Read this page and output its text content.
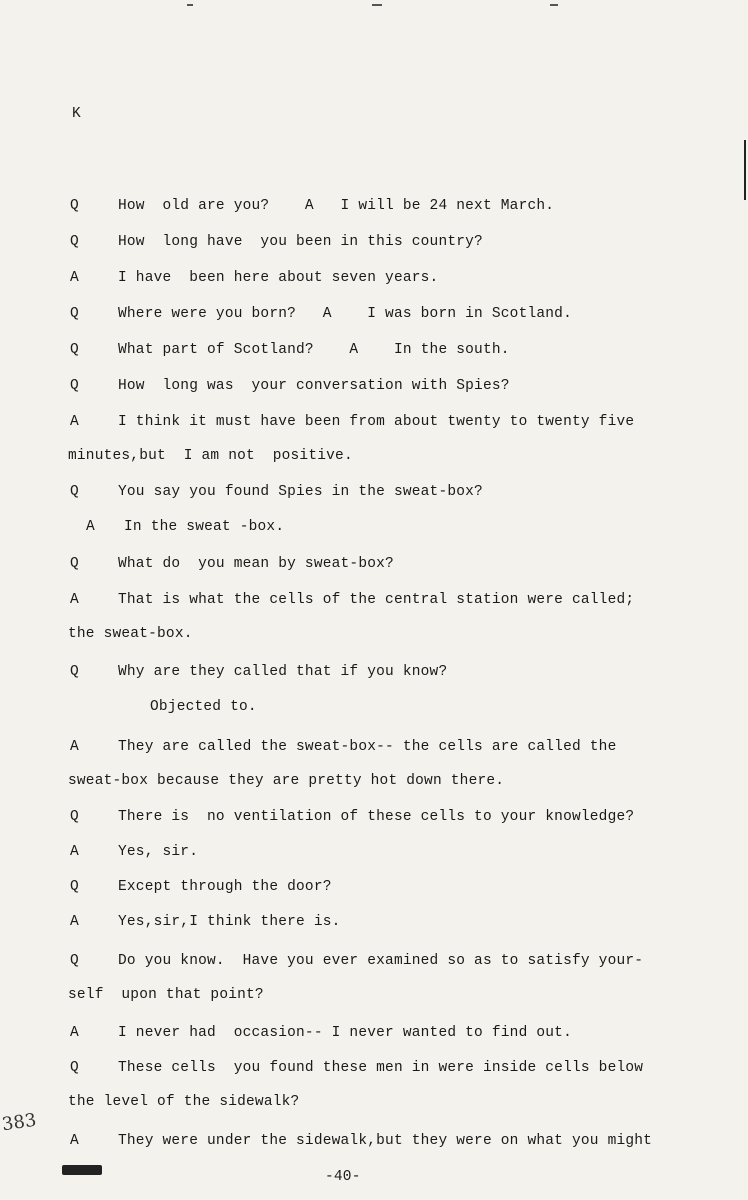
K
Q	How  old are you?    A   I will be 24 next March.
Q	How  long have  you been in this country?
A	I have  been here about seven years.
Q	Where were you born?   A    I was born in Scotland.
Q	What part of Scotland?    A    In the south.
Q	How  long was  your conversation with Spies?
A	I think it must have been from about twenty to twenty five
minutes,but  I am not  positive.
Q	You say you found Spies in the sweat-box?
A In the sweat -box.
Q	What do  you mean by sweat-box?
A	That is what the cells of the central station were called;
the sweat-box.
Q	Why are they called that if you know?
Objected to.
A	They are called the sweat-box-- the cells are called the
sweat-box because they are pretty hot down there.
Q	There is  no ventilation of these cells to your knowledge?
A	Yes, sir.
Q	Except through the door?
A	Yes,sir,I think there is.
Q	Do you know.  Have you ever examined so as to satisfy your-
self  upon that point?
A	I never had  occasion-- I never wanted to find out.
Q	These cells  you found these men in were inside cells below
the level of the sidewalk?
A	They were under the sidewalk,but they were on what you might
383
-40-
